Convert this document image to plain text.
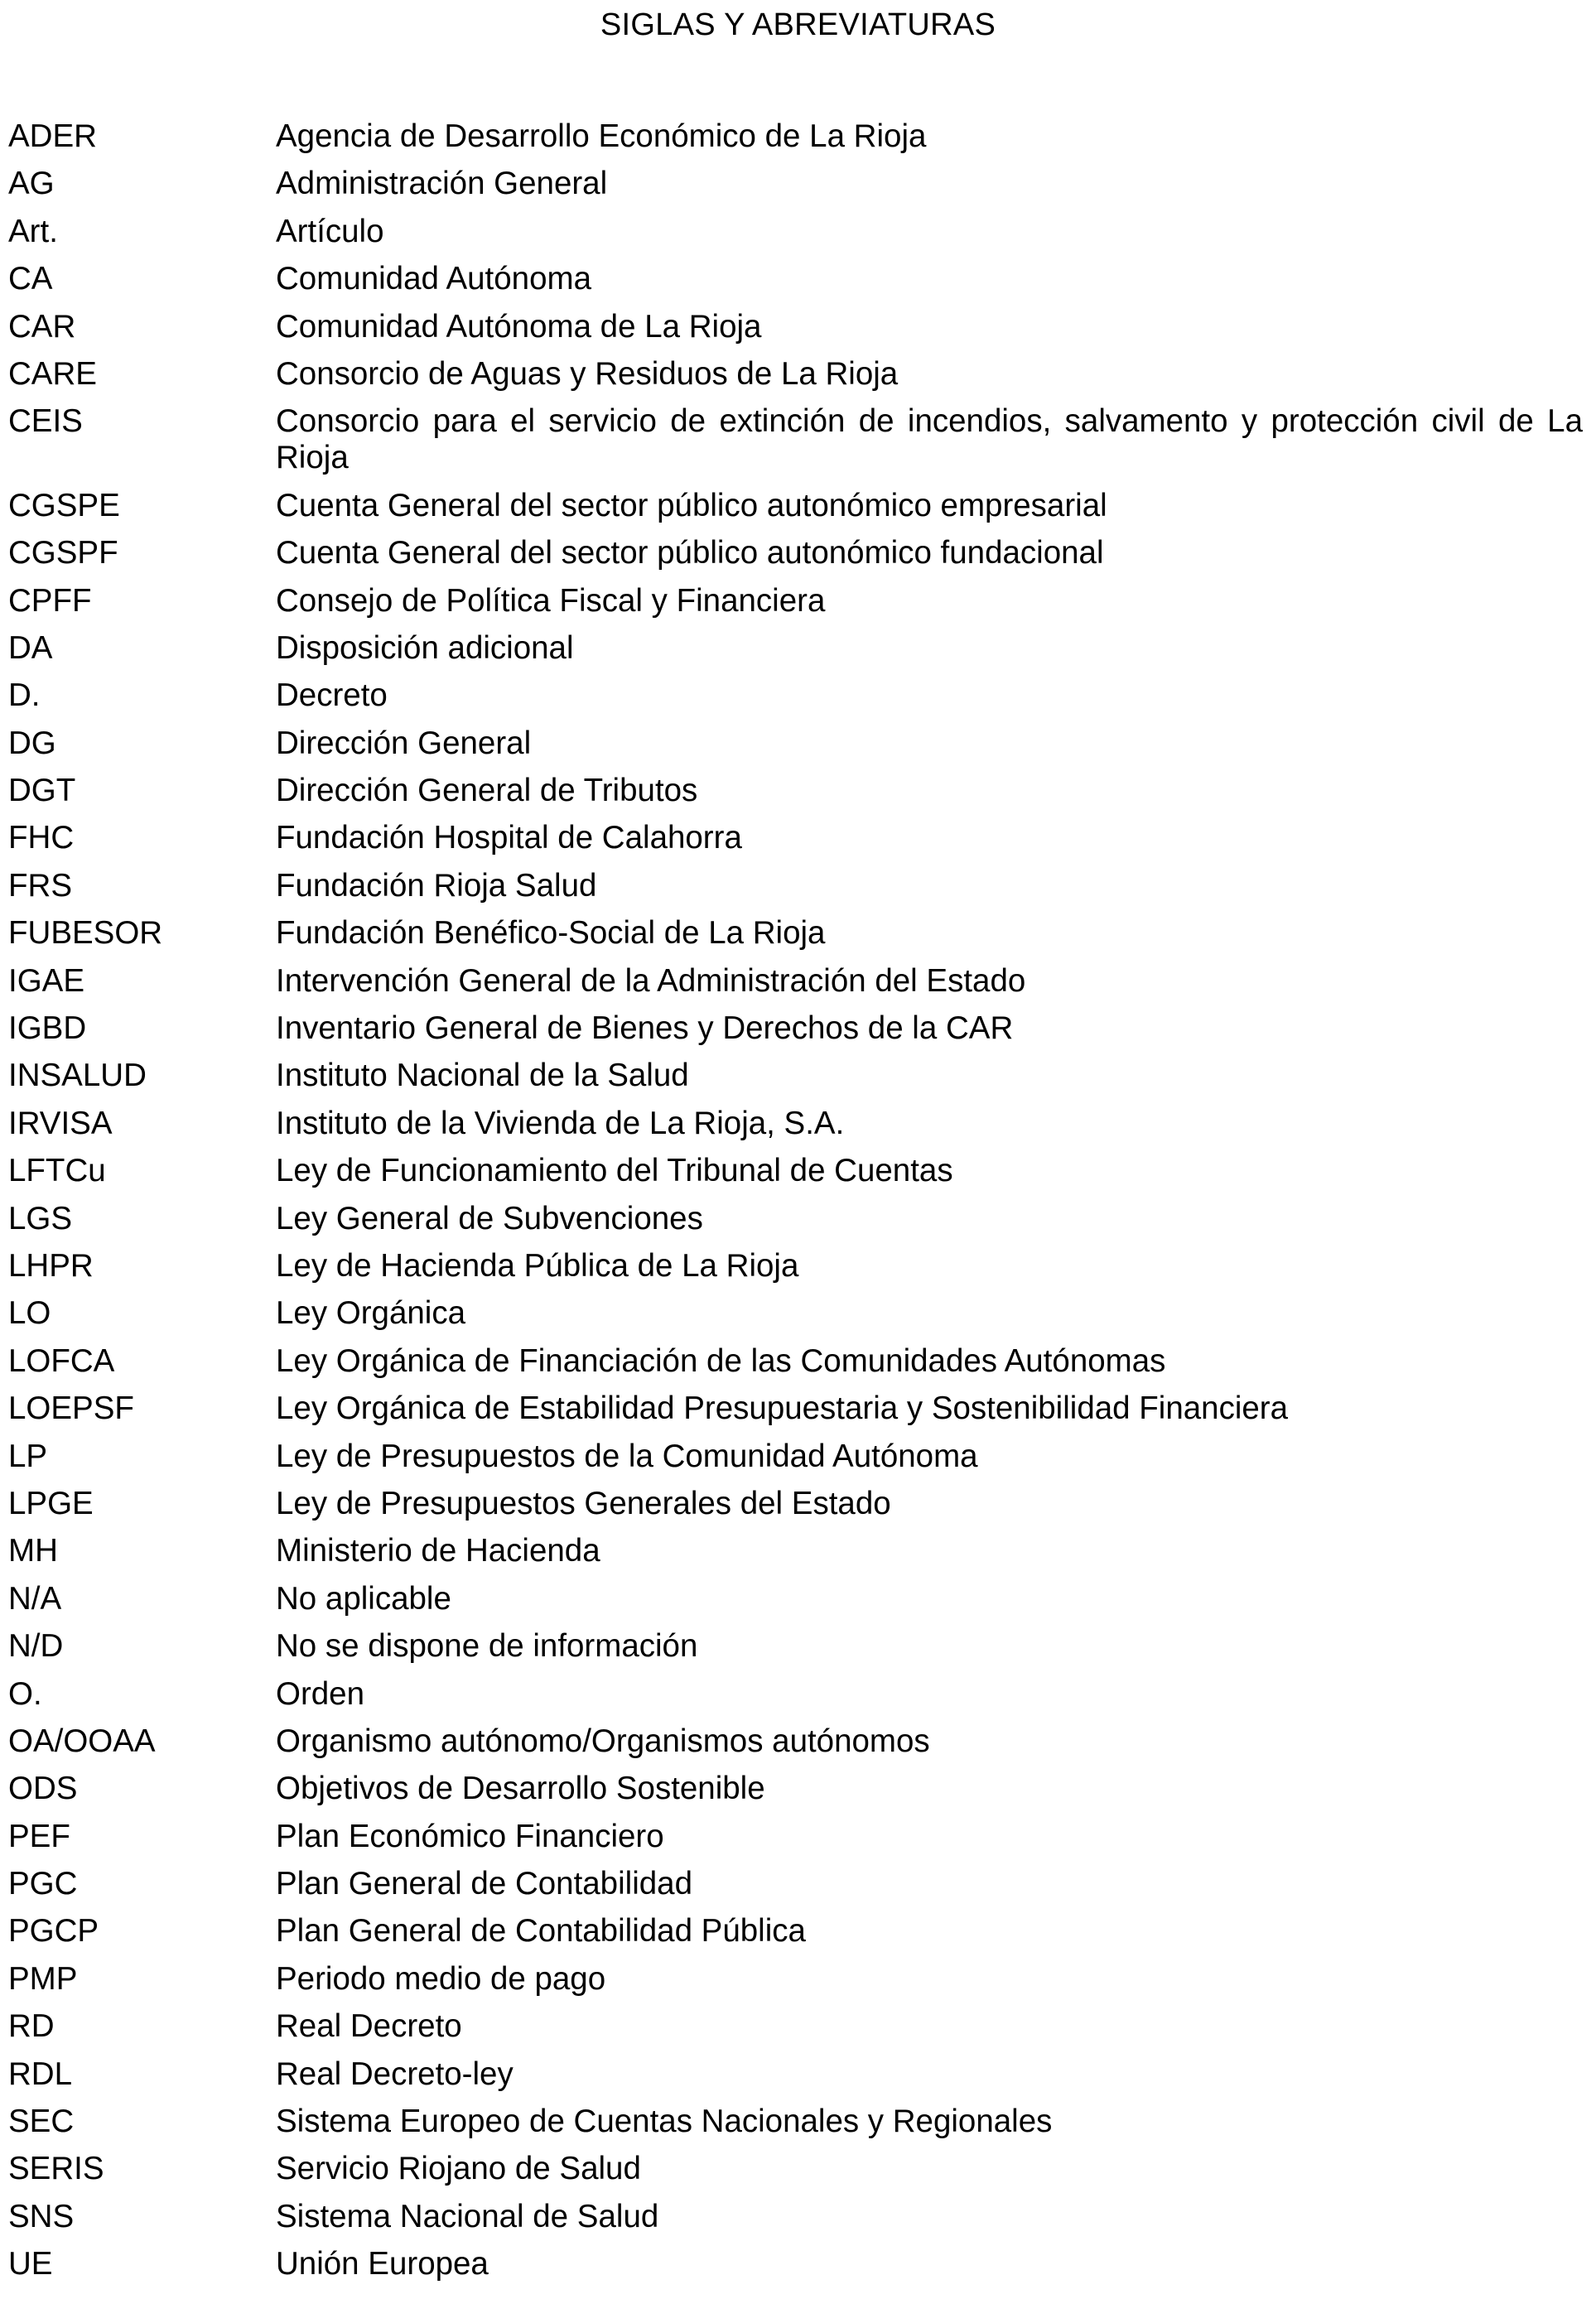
SIGLAS Y ABREVIATURAS
ADER	Agencia de Desarrollo Económico de La Rioja
AG	Administración General
Art.	Artículo
CA	Comunidad Autónoma
CAR	Comunidad Autónoma de La Rioja
CARE	Consorcio de Aguas y Residuos de La Rioja
CEIS	Consorcio para el servicio de extinción de incendios, salvamento y protección civil de La Rioja
CGSPE	Cuenta General del sector público autonómico empresarial
CGSPF	Cuenta General del sector público autonómico fundacional
CPFF	Consejo de Política Fiscal y Financiera
DA	Disposición adicional
D.	Decreto
DG	Dirección General
DGT	Dirección General de Tributos
FHC	Fundación Hospital de Calahorra
FRS	Fundación Rioja Salud
FUBESOR	Fundación Benéfico-Social de La Rioja
IGAE	Intervención General de la Administración del Estado
IGBD	Inventario General de Bienes y Derechos de la CAR
INSALUD	Instituto Nacional de la Salud
IRVISA	Instituto de la Vivienda de La Rioja, S.A.
LFTCu	Ley de Funcionamiento del Tribunal de Cuentas
LGS	Ley General de Subvenciones
LHPR	Ley de Hacienda Pública de La Rioja
LO	Ley Orgánica
LOFCA	Ley Orgánica de Financiación de las Comunidades Autónomas
LOEPSF	Ley Orgánica de Estabilidad Presupuestaria y Sostenibilidad Financiera
LP	Ley de Presupuestos de la Comunidad Autónoma
LPGE	Ley de Presupuestos Generales del Estado
MH	Ministerio de Hacienda
N/A	No aplicable
N/D	No se dispone de información
O.	Orden
OA/OOAA	Organismo autónomo/Organismos autónomos
ODS	Objetivos de Desarrollo Sostenible
PEF	Plan Económico Financiero
PGC	Plan General de Contabilidad
PGCP	Plan General de Contabilidad Pública
PMP	Periodo medio de pago
RD	Real Decreto
RDL	Real Decreto-ley
SEC	Sistema Europeo de Cuentas Nacionales y Regionales
SERIS	Servicio Riojano de Salud
SNS	Sistema Nacional de Salud
UE	Unión Europea
